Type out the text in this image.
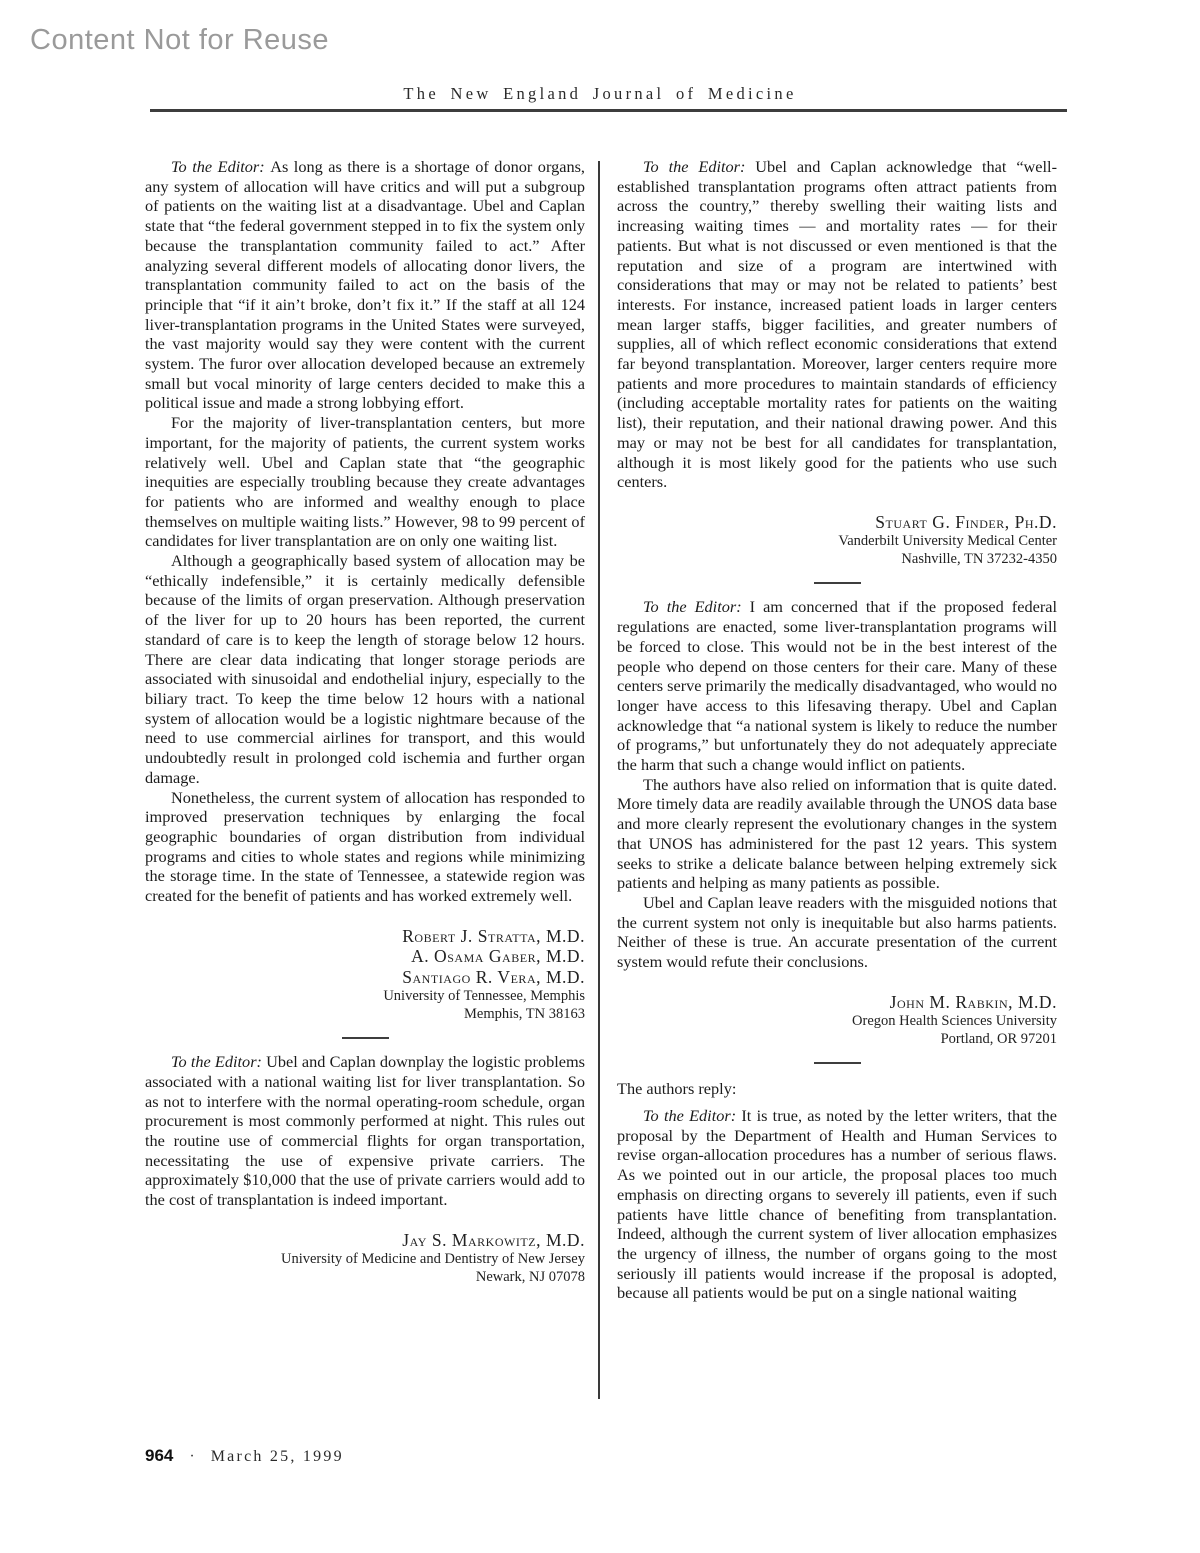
Content Not for Reuse
The New England Journal of Medicine

To the Editor: As long as there is a shortage of donor organs, any system of allocation will have critics and will put a subgroup of patients on the waiting list at a disadvantage. Ubel and Caplan state that “the federal government stepped in to fix the system only because the transplantation community failed to act.” After analyzing several different models of allocating donor livers, the transplantation community failed to act on the basis of the principle that “if it ain’t broke, don’t fix it.” If the staff at all 124 liver-transplantation programs in the United States were surveyed, the vast majority would say they were content with the current system. The furor over allocation developed because an extremely small but vocal minority of large centers decided to make this a political issue and made a strong lobbying effort.

For the majority of liver-transplantation centers, but more important, for the majority of patients, the current system works relatively well. Ubel and Caplan state that “the geographic inequities are especially troubling because they create advantages for patients who are informed and wealthy enough to place themselves on multiple waiting lists.” However, 98 to 99 percent of candidates for liver transplantation are on only one waiting list.

Although a geographically based system of allocation may be “ethically indefensible,” it is certainly medically defensible because of the limits of organ preservation. Although preservation of the liver for up to 20 hours has been reported, the current standard of care is to keep the length of storage below 12 hours. There are clear data indicating that longer storage periods are associated with sinusoidal and endothelial injury, especially to the biliary tract. To keep the time below 12 hours with a national system of allocation would be a logistic nightmare because of the need to use commercial airlines for transport, and this would undoubtedly result in prolonged cold ischemia and further organ damage.

Nonetheless, the current system of allocation has responded to improved preservation techniques by enlarging the focal geographic boundaries of organ distribution from individual programs and cities to whole states and regions while minimizing the storage time. In the state of Tennessee, a statewide region was created for the benefit of patients and has worked extremely well.

Robert J. Stratta, M.D.
A. Osama Gaber, M.D.
Santiago R. Vera, M.D.
University of Tennessee, Memphis
Memphis, TN 38163

To the Editor: Ubel and Caplan downplay the logistic problems associated with a national waiting list for liver transplantation. So as not to interfere with the normal operating-room schedule, organ procurement is most commonly performed at night. This rules out the routine use of commercial flights for organ transportation, necessitating the use of expensive private carriers. The approximately $10,000 that the use of private carriers would add to the cost of transplantation is indeed important.

Jay S. Markowitz, M.D.
University of Medicine and Dentistry of New Jersey
Newark, NJ 07078

To the Editor: Ubel and Caplan acknowledge that “well-established transplantation programs often attract patients from across the country,” thereby swelling their waiting lists and increasing waiting times — and mortality rates — for their patients. But what is not discussed or even mentioned is that the reputation and size of a program are intertwined with considerations that may or may not be related to patients’ best interests. For instance, increased patient loads in larger centers mean larger staffs, bigger facilities, and greater numbers of supplies, all of which reflect economic considerations that extend far beyond transplantation. Moreover, larger centers require more patients and more procedures to maintain standards of efficiency (including acceptable mortality rates for patients on the waiting list), their reputation, and their national drawing power. And this may or may not be best for all candidates for transplantation, although it is most likely good for the patients who use such centers.

Stuart G. Finder, Ph.D.
Vanderbilt University Medical Center
Nashville, TN 37232-4350

To the Editor: I am concerned that if the proposed federal regulations are enacted, some liver-transplantation programs will be forced to close. This would not be in the best interest of the people who depend on those centers for their care. Many of these centers serve primarily the medically disadvantaged, who would no longer have access to this lifesaving therapy. Ubel and Caplan acknowledge that “a national system is likely to reduce the number of programs,” but unfortunately they do not adequately appreciate the harm that such a change would inflict on patients.

The authors have also relied on information that is quite dated. More timely data are readily available through the UNOS data base and more clearly represent the evolutionary changes in the system that UNOS has administered for the past 12 years. This system seeks to strike a delicate balance between helping extremely sick patients and helping as many patients as possible.

Ubel and Caplan leave readers with the misguided notions that the current system not only is inequitable but also harms patients. Neither of these is true. An accurate presentation of the current system would refute their conclusions.

John M. Rabkin, M.D.
Oregon Health Sciences University
Portland, OR 97201

The authors reply:

To the Editor: It is true, as noted by the letter writers, that the proposal by the Department of Health and Human Services to revise organ-allocation procedures has a number of serious flaws. As we pointed out in our article, the proposal places too much emphasis on directing organs to severely ill patients, even if such patients have little chance of benefiting from transplantation. Indeed, although the current system of liver allocation emphasizes the urgency of illness, the number of organs going to the most seriously ill patients would increase if the proposal is adopted, because all patients would be put on a single national waiting

964 · March 25, 1999
